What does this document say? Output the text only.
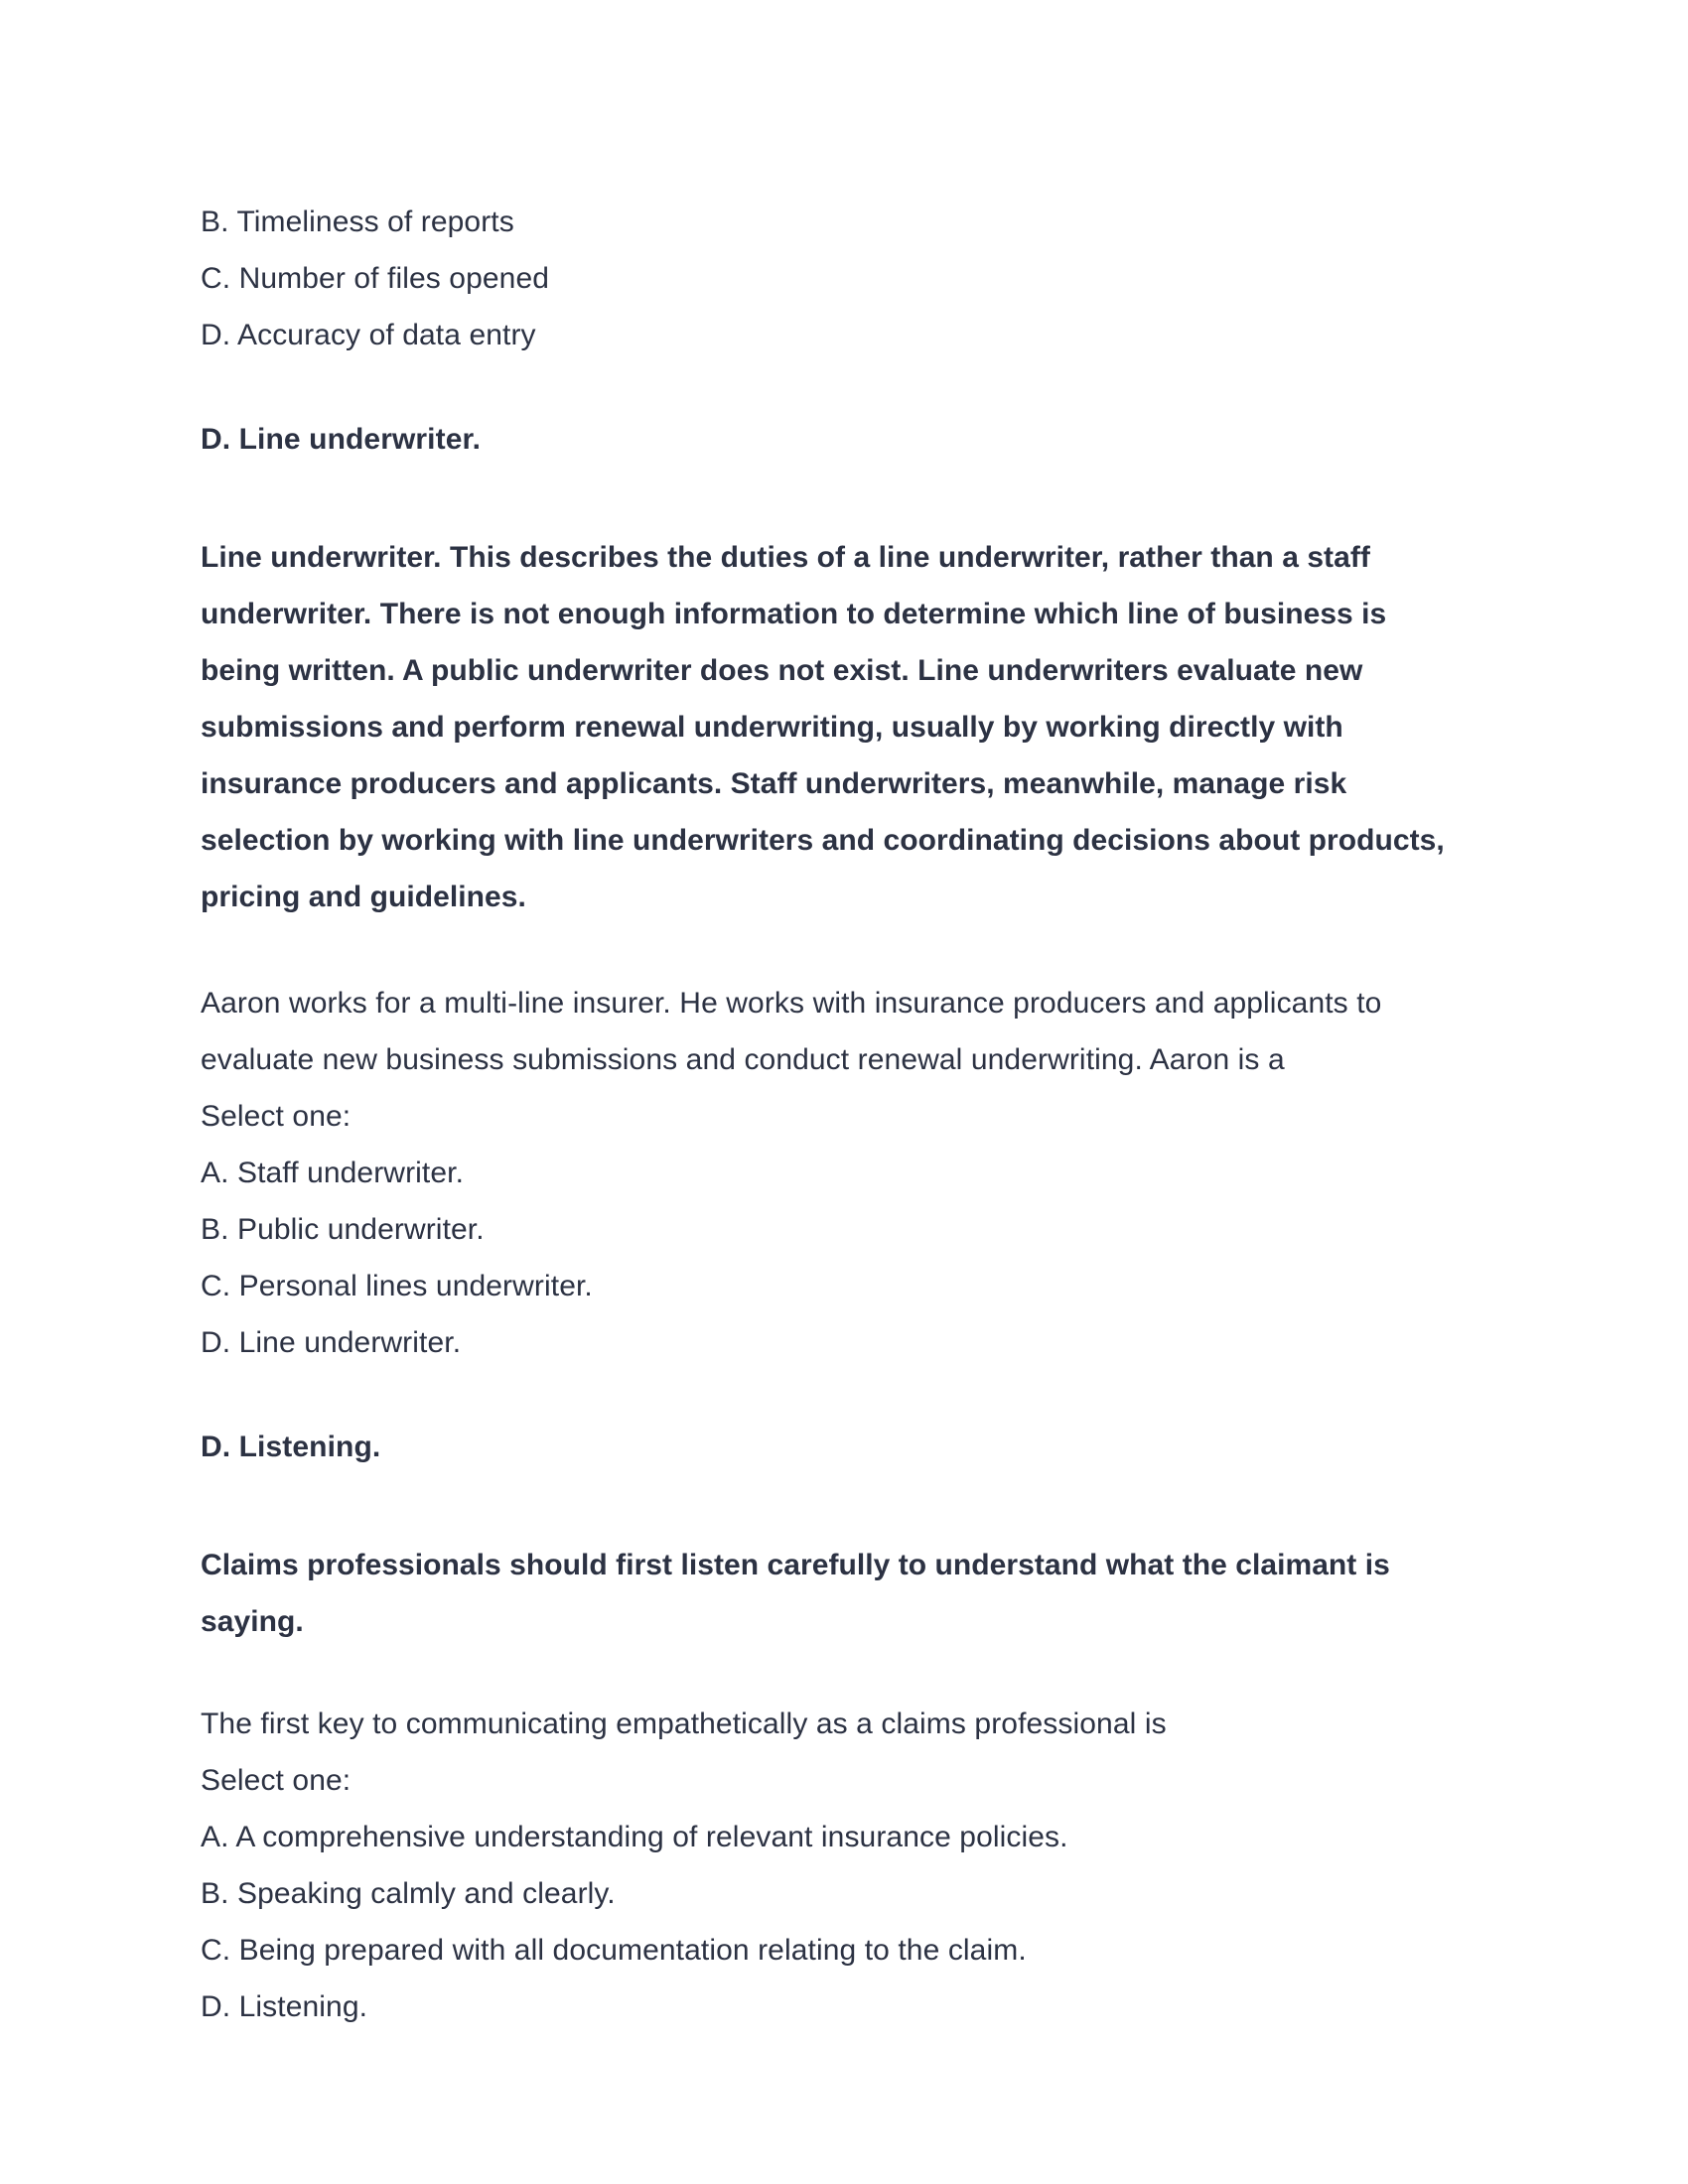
B. Timeliness of reports
C. Number of files opened
D. Accuracy of data entry
D. Line underwriter.

Line underwriter. This describes the duties of a line underwriter, rather than a staff underwriter. There is not enough information to determine which line of business is being written. A public underwriter does not exist. Line underwriters evaluate new submissions and perform renewal underwriting, usually by working directly with insurance producers and applicants. Staff underwriters, meanwhile, manage risk selection by working with line underwriters and coordinating decisions about products, pricing and guidelines.

Aaron works for a multi-line insurer. He works with insurance producers and applicants to evaluate new business submissions and conduct renewal underwriting. Aaron is a

Select one:
A. Staff underwriter.
B. Public underwriter.
C. Personal lines underwriter.
D. Line underwriter.
D. Listening.

Claims professionals should first listen carefully to understand what the claimant is saying.

The first key to communicating empathetically as a claims professional is

Select one:
A. A comprehensive understanding of relevant insurance policies.
B. Speaking calmly and clearly.
C. Being prepared with all documentation relating to the claim.
D. Listening.
